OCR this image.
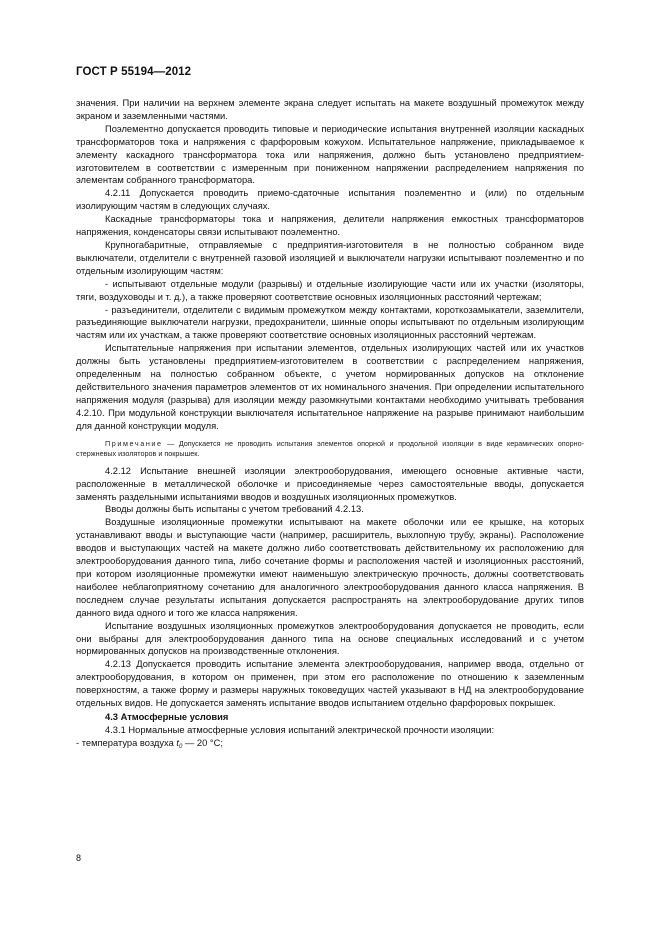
ГОСТ Р 55194—2012

значения. При наличии на верхнем элементе экрана следует испытать на макете воздушный промежуток между экраном и заземленными частями.

Поэлементно допускается проводить типовые и периодические испытания внутренней изоляции каскадных трансформаторов тока и напряжения с фарфоровым кожухом. Испытательное напряжение, прикладываемое к элементу каскадного трансформатора тока или напряжения, должно быть установлено предприятием-изготовителем в соответствии с измеренным при пониженном напряжении распределением напряжения по элементам собранного трансформатора.

4.2.11 Допускается проводить приемо-сдаточные испытания поэлементно и (или) по отдельным изолирующим частям в следующих случаях.

Каскадные трансформаторы тока и напряжения, делители напряжения емкостных трансформаторов напряжения, конденсаторы связи испытывают поэлементно.

Крупногабаритные, отправляемые с предприятия-изготовителя в не полностью собранном виде выключатели, отделители с внутренней газовой изоляцией и выключатели нагрузки испытывают поэлементно и по отдельным изолирующим частям:

- испытывают отдельные модули (разрывы) и отдельные изолирующие части или их участки (изоляторы, тяги, воздуховоды и т. д.), а также проверяют соответствие основных изоляционных расстояний чертежам;

- разъединители, отделители с видимым промежутком между контактами, короткозамыкатели, заземлители, разъединяющие выключатели нагрузки, предохранители, шинные опоры испытывают по отдельным изолирующим частям или их участкам, а также проверяют соответствие основных изоляционных расстояний чертежам.

Испытательные напряжения при испытании элементов, отдельных изолирующих частей или их участков должны быть установлены предприятием-изготовителем в соответствии с распределением напряжения, определенным на полностью собранном объекте, с учетом нормированных допусков на отклонение действительного значения параметров элементов от их номинального значения. При определении испытательного напряжения модуля (разрыва) для изоляции между разомкнутыми контактами необходимо учитывать требования 4.2.10. При модульной конструкции выключателя испытательное напряжение на разрыве принимают наибольшим для данной конструкции модуля.

Примечание — Допускается не проводить испытания элементов опорной и продольной изоляции в виде керамических опорно-стержневых изоляторов и покрышек.

4.2.12 Испытание внешней изоляции электрооборудования, имеющего основные активные части, расположенные в металлической оболочке и присоединяемые через самостоятельные вводы, допускается заменять раздельными испытаниями вводов и воздушных изоляционных промежутков.

Вводы должны быть испытаны с учетом требований 4.2.13.

Воздушные изоляционные промежутки испытывают на макете оболочки или ее крышке, на которых устанавливают вводы и выступающие части (например, расширитель, выхлопную трубу, экраны). Расположение вводов и выступающих частей на макете должно либо соответствовать действительному их расположению для электрооборудования данного типа, либо сочетание формы и расположения частей и изоляционных расстояний, при котором изоляционные промежутки имеют наименьшую электрическую прочность, должны соответствовать наиболее неблагоприятному сочетанию для аналогичного электрооборудования данного класса напряжения. В последнем случае результаты испытания допускается распространять на электрооборудование других типов данного вида одного и того же класса напряжения.

Испытание воздушных изоляционных промежутков электрооборудования допускается не проводить, если они выбраны для электрооборудования данного типа на основе специальных исследований и с учетом нормированных допусков на производственные отклонения.

4.2.13 Допускается проводить испытание элемента электрооборудования, например ввода, отдельно от электрооборудования, в котором он применен, при этом его расположение по отношению к заземленным поверхностям, а также форму и размеры наружных токоведущих частей указывают в НД на электрооборудование отдельных видов. Не допускается заменять испытание вводов испытанием отдельно фарфоровых покрышек.

4.3 Атмосферные условия

4.3.1 Нормальные атмосферные условия испытаний электрической прочности изоляции:

- температура воздуха $t_0$ — 20 °С;

8
